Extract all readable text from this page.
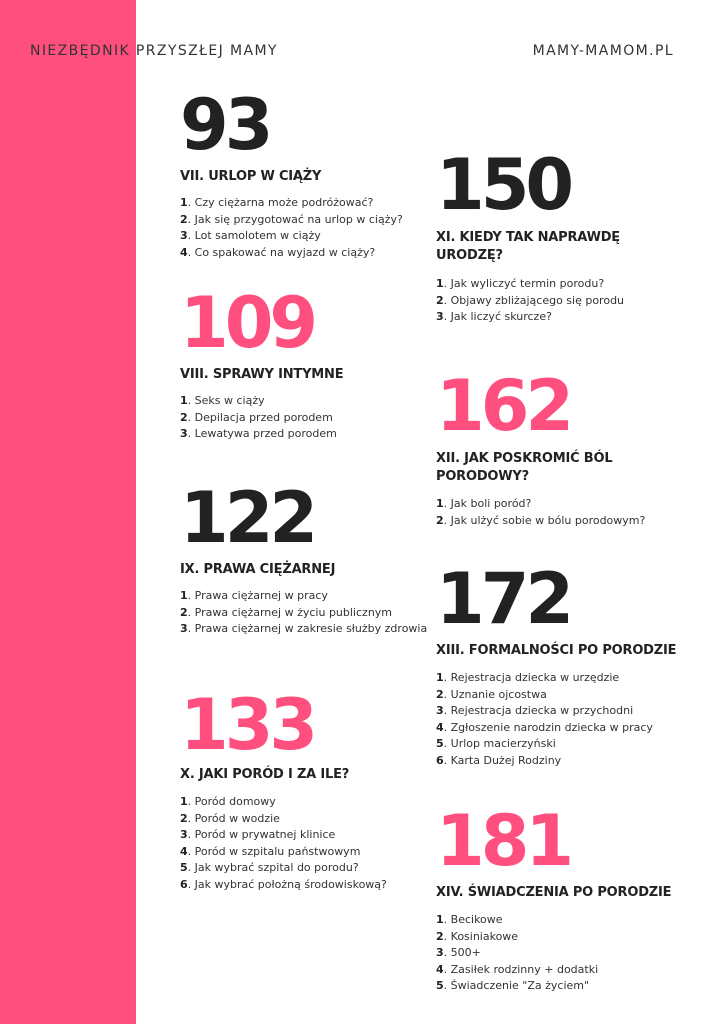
NIEZBĘDNIK PRZYSZŁEJ MAMY	MAMY-MAMOM.PL
93
VII. URLOP W CIĄŻY
1. Czy ciężarna może podróżować?
2. Jak się przygotować na urlop w ciąży?
3. Lot samolotem w ciąży
4. Co spakować na wyjazd w ciąży?
109
VIII. SPRAWY INTYMNE
1. Seks w ciąży
2. Depilacja przed porodem
3. Lewatywa przed porodem
122
IX. PRAWA CIĘŻARNEJ
1. Prawa ciężarnej w pracy
2. Prawa ciężarnej w życiu publicznym
3. Prawa ciężarnej w zakresie służby zdrowia
133
X. JAKI PORÓD I ZA ILE?
1. Poród domowy
2. Poród w wodzie
3. Poród w prywatnej klinice
4. Poród w szpitalu państwowym
5. Jak wybrać szpital do porodu?
6. Jak wybrać położną środowiskową?
150
XI. KIEDY TAK NAPRAWDĘ URODZĘ?
1. Jak wyliczyć termin porodu?
2. Objawy zbliżającego się porodu
3. Jak liczyć skurcze?
162
XII. JAK POSKROMIĆ BÓL PORODOWY?
1. Jak boli poród?
2. Jak ulżyć sobie w bólu porodowym?
172
XIII. FORMALNOŚCI PO PORODZIE
1. Rejestracja dziecka w urzędzie
2. Uznanie ojcostwa
3. Rejestracja dziecka w przychodni
4. Zgłoszenie narodzin dziecka w pracy
5. Urlop macierzyński
6. Karta Dużej Rodziny
181
XIV. ŚWIADCZENIA PO PORODZIE
1. Becikowe
2. Kosiniakowe
3. 500+
4. Zasiłek rodzinny + dodatki
5. Świadczenie "Za życiem"
